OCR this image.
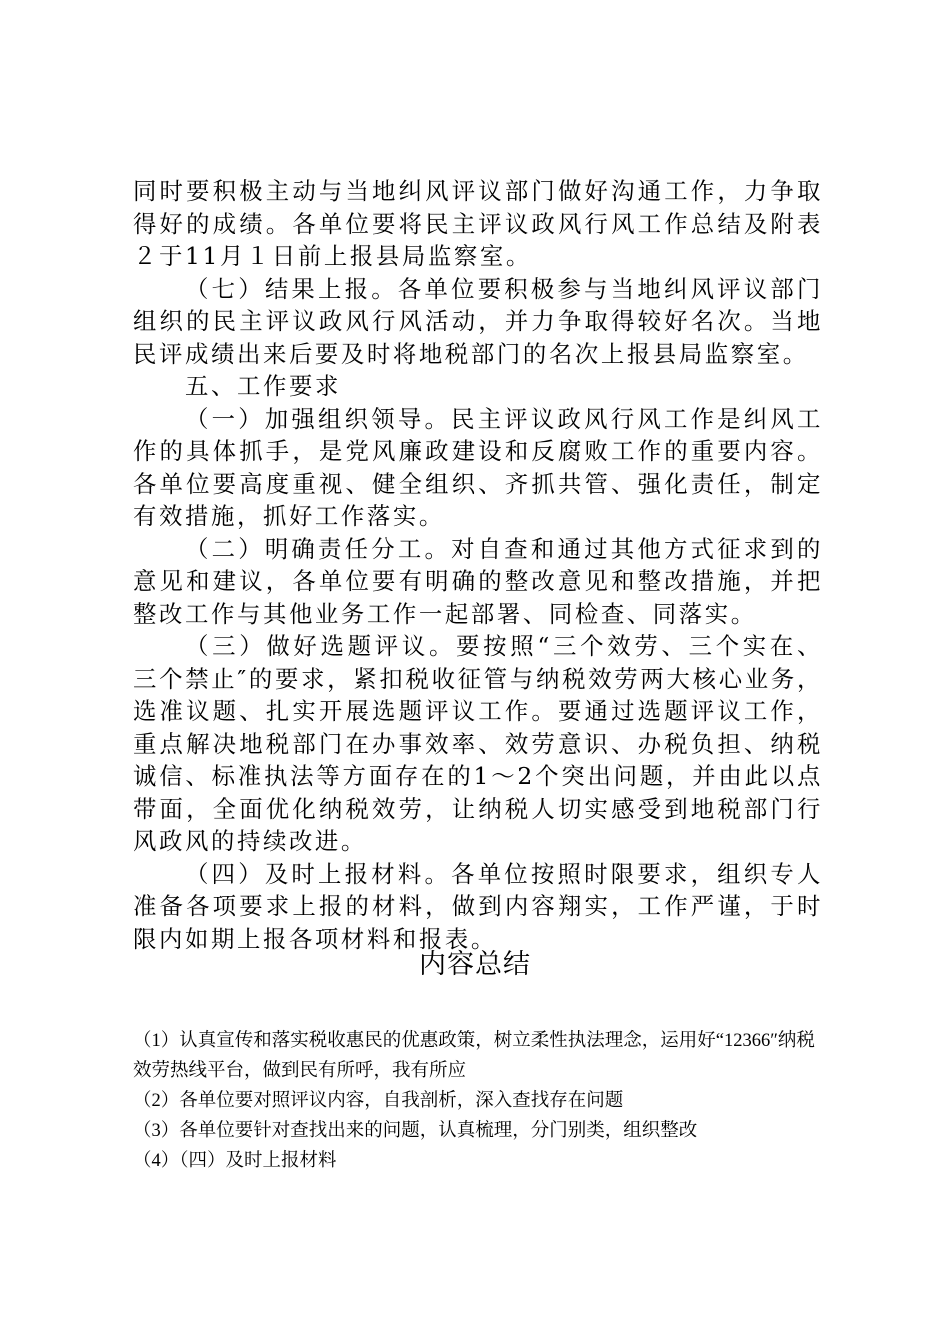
同时要积极主动与当地纠风评议部门做好沟通工作，力争取得好的成绩。各单位要将民主评议政风行风工作总结及附表２于11月１日前上报县局监察室。

（七）结果上报。各单位要积极参与当地纠风评议部门组织的民主评议政风行风活动，并力争取得较好名次。当地民评成绩出来后要及时将地税部门的名次上报县局监察室。

五、工作要求

（一）加强组织领导。民主评议政风行风工作是纠风工作的具体抓手，是党风廉政建设和反腐败工作的重要内容。各单位要高度重视、健全组织、齐抓共管、强化责任，制定有效措施，抓好工作落实。

（二）明确责任分工。对自查和通过其他方式征求到的意见和建议，各单位要有明确的整改意见和整改措施，并把整改工作与其他业务工作一起部署、同检查、同落实。

（三）做好选题评议。要按照“三个效劳、三个实在、三个禁止″的要求，紧扣税收征管与纳税效劳两大核心业务，选准议题、扎实开展选题评议工作。要通过选题评议工作，重点解决地税部门在办事效率、效劳意识、办税负担、纳税诚信、标准执法等方面存在的1～2个突出问题，并由此以点带面，全面优化纳税效劳，让纳税人切实感受到地税部门行风政风的持续改进。

（四）及时上报材料。各单位按照时限要求，组织专人准备各项要求上报的材料，做到内容翔实，工作严谨，于时限内如期上报各项材料和报表。

内容总结

（1）认真宣传和落实税收惠民的优惠政策，树立柔性执法理念，运用好“12366″纳税效劳热线平台，做到民有所呼，我有所应

（2）各单位要对照评议内容，自我剖析，深入查找存在问题

（3）各单位要针对查找出来的问题，认真梳理，分门别类，组织整改

（4）（四）及时上报材料
